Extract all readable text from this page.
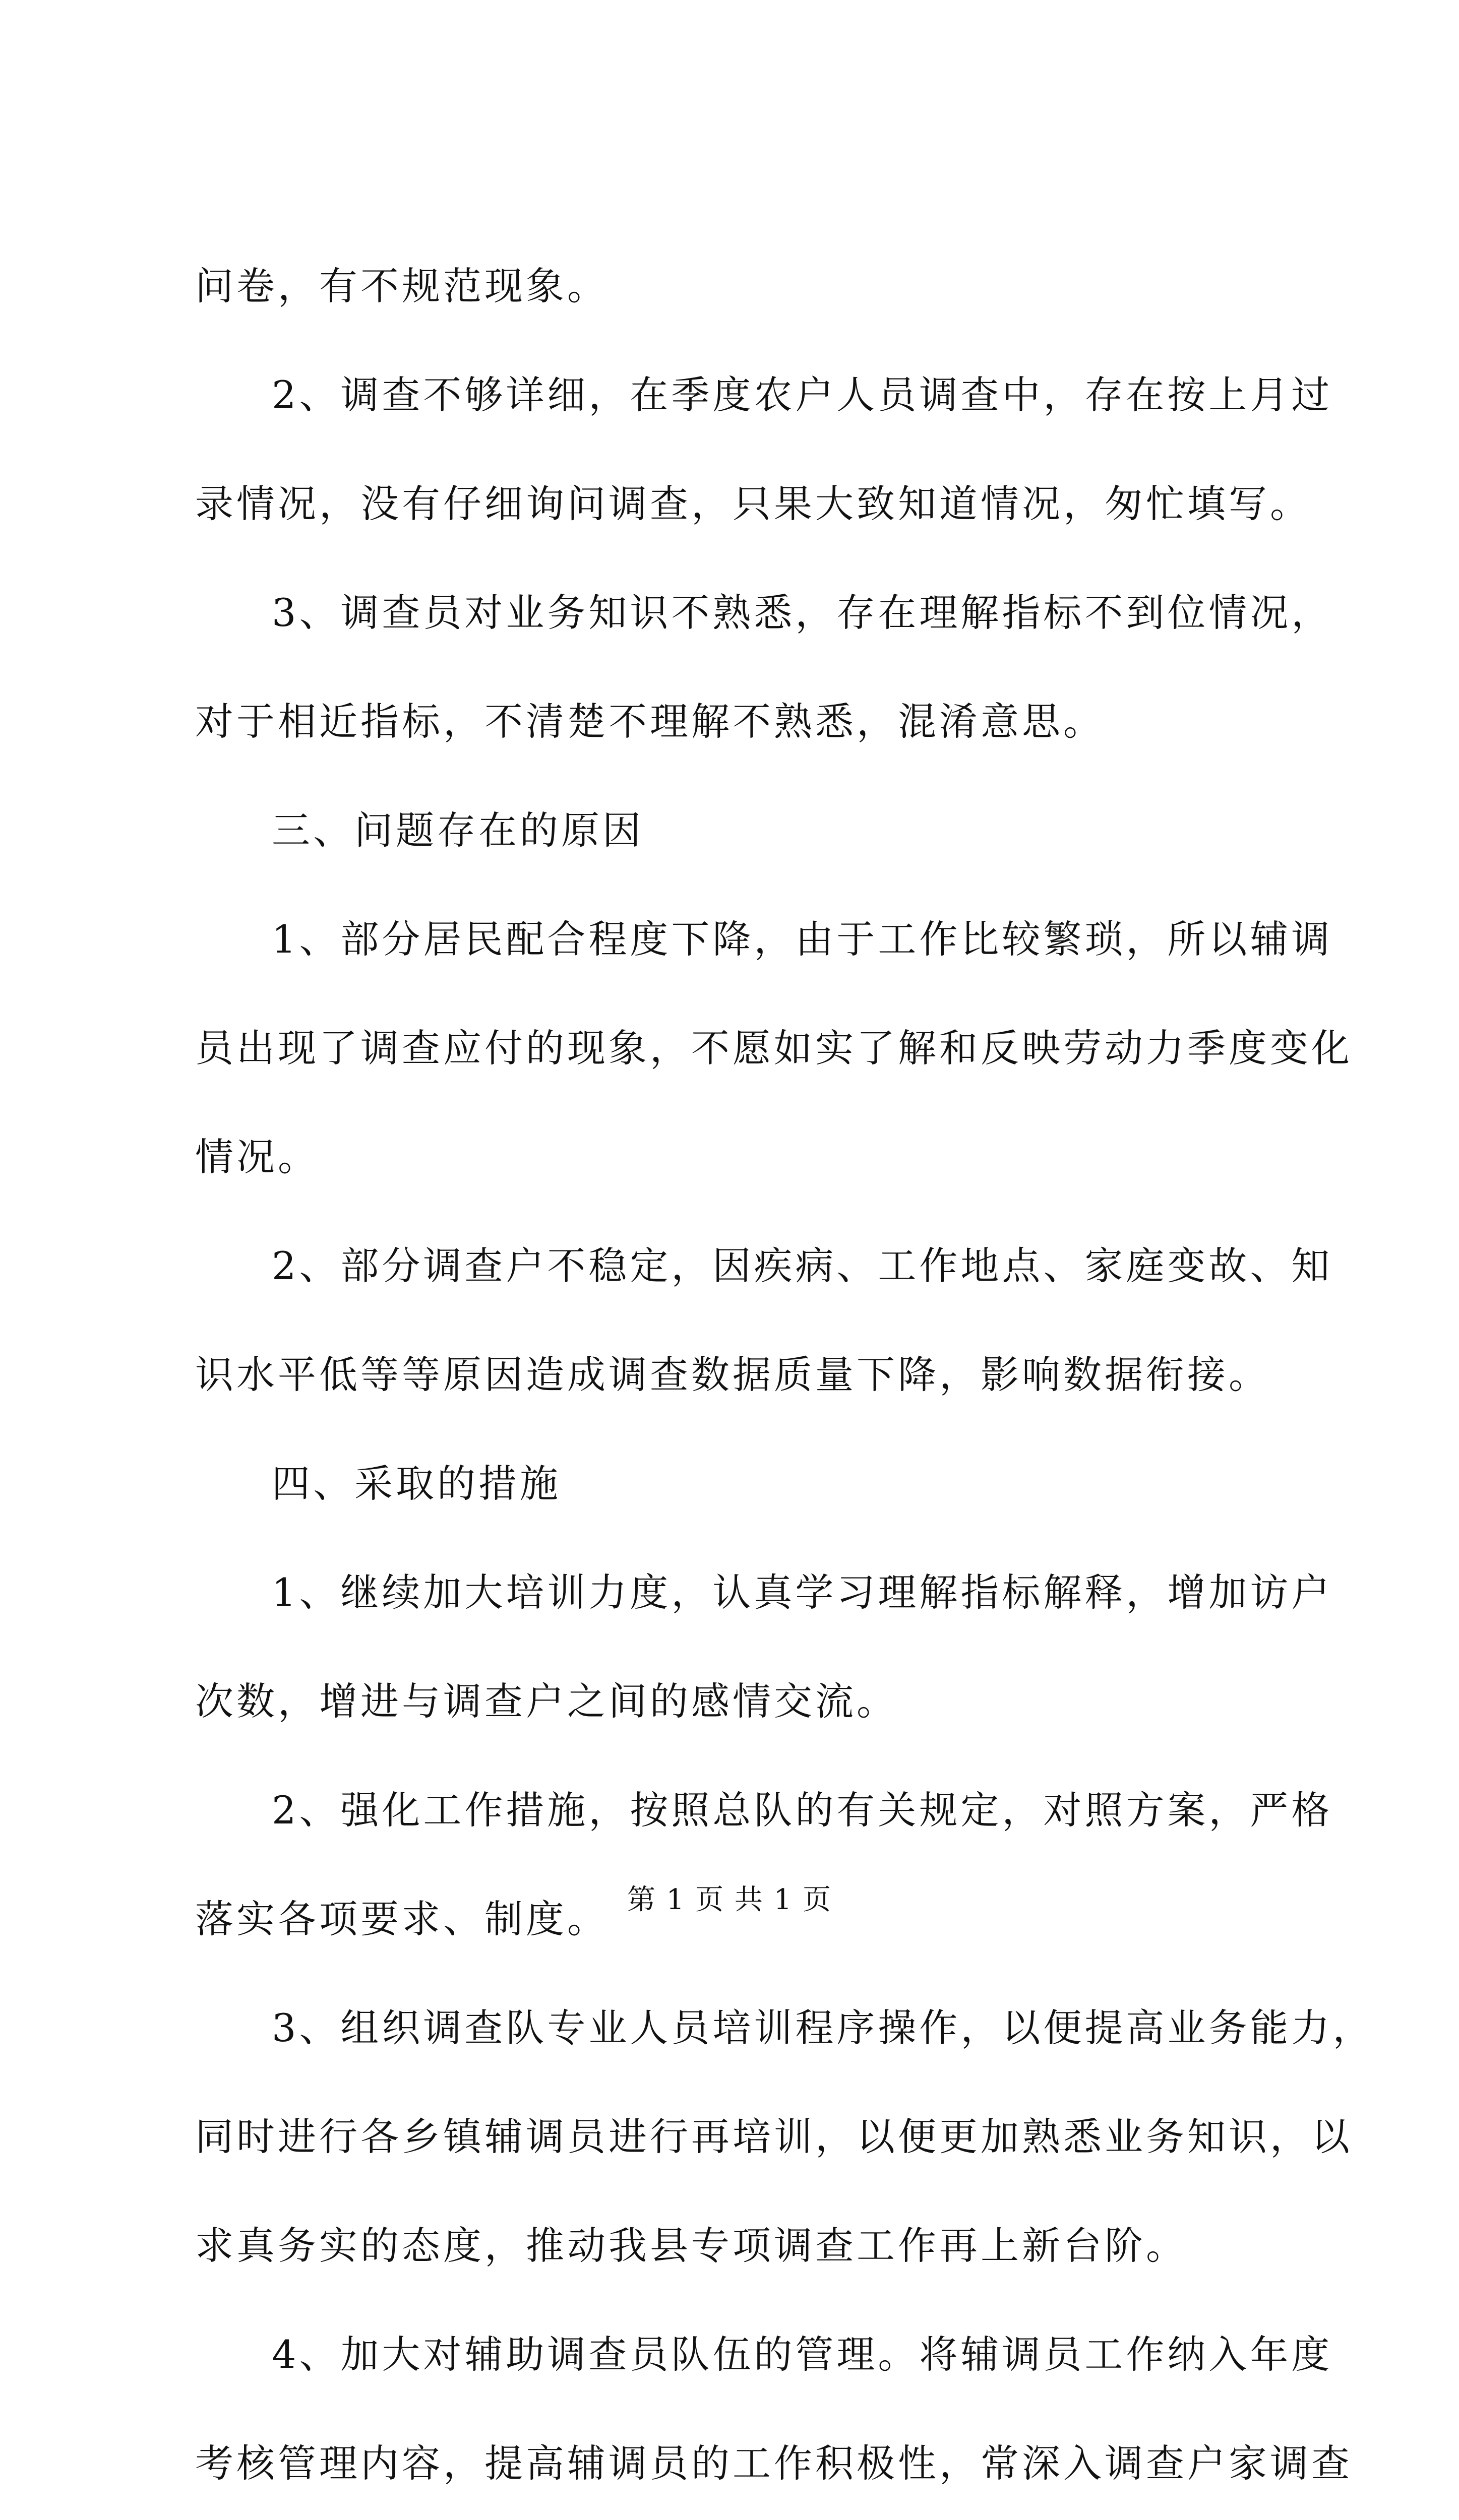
问卷，有不规范现象。
2、调查不够详细，在季度农户人员调查中，存在按上月过
录情况，没有仔细询问调查，只果大致知道情况，匆忙填写。
3、调查员对业务知识不熟悉，存在理解指标不到位情况，
对于相近指标，不清楚不理解不熟悉，混淆意思。
三、问题存在的原因
1、部分居民配合程度下降，由于工作比较繁琐，所以辅调
员出现了调查应付的现象，不愿如实了解和反映劳动力季度变化
情况。
2、部分调查户不稳定，因疾病、工作地点、家庭变故、知
识水平低等等原因造成调查数据质量下降，影响数据衔接。
四、采取的措施
1、继续加大培训力度，认真学习理解指标解释，增加访户
次数，增进与调查户之间的感情交流。
2、强化工作措施，按照总队的有关规定，对照方案，严格
落实各项要求、制度。
3、组织调查队专业人员培训程序操作，以便提高业务能力，
同时进行各乡镇辅调员进行再培训，以便更加熟悉业务知识，以
求真务实的态度，推动我县专项调查工作再上新台阶。
4、加大对辅助调查员队伍的管理。将辅调员工作纳入年度
考核管理内容，提高辅调员的工作积极性，常深入调查户家调查
第 1 页 共 1 页
